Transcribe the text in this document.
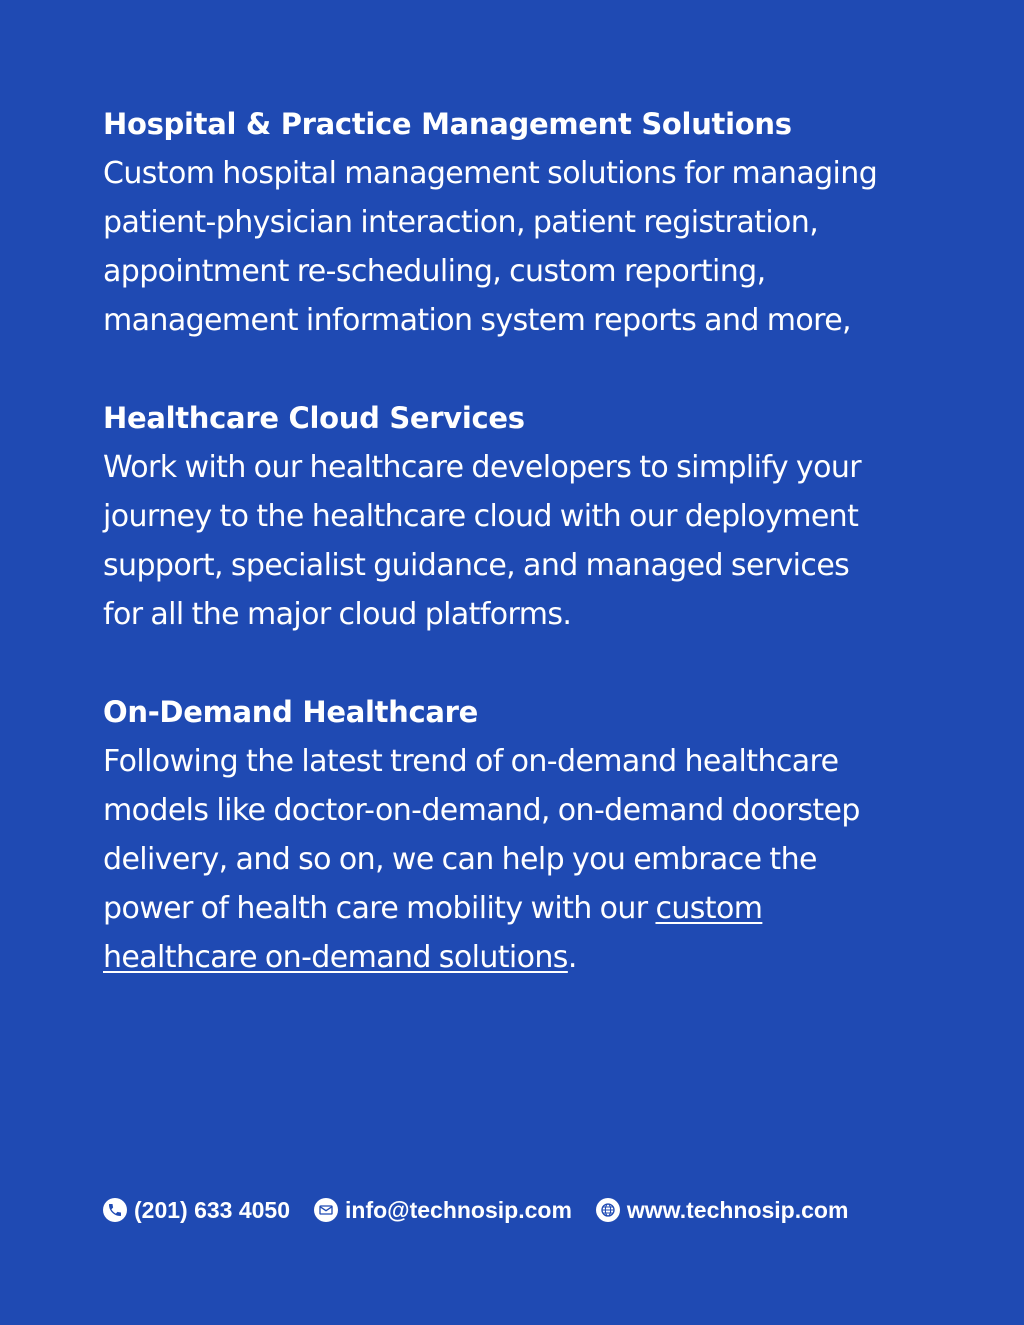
Hospital & Practice Management Solutions

Custom hospital management solutions for managing
patient-physician interaction, patient registration,
appointment re-scheduling, custom reporting,
management information system reports and more,

Healthcare Cloud Services

Work with our healthcare developers to simplify your
journey to the healthcare cloud with our deployment
support, specialist guidance, and managed services
for all the major cloud platforms.

On-Demand Healthcare

Following the latest trend of on-demand healthcare
models like doctor-on-demand, on-demand doorstep
delivery, and so on, we can help you embrace the
power of health care mobility with our custom
healthcare on-demand solutions.

(201) 633 4050 info@technosip.com www.technosip.com
